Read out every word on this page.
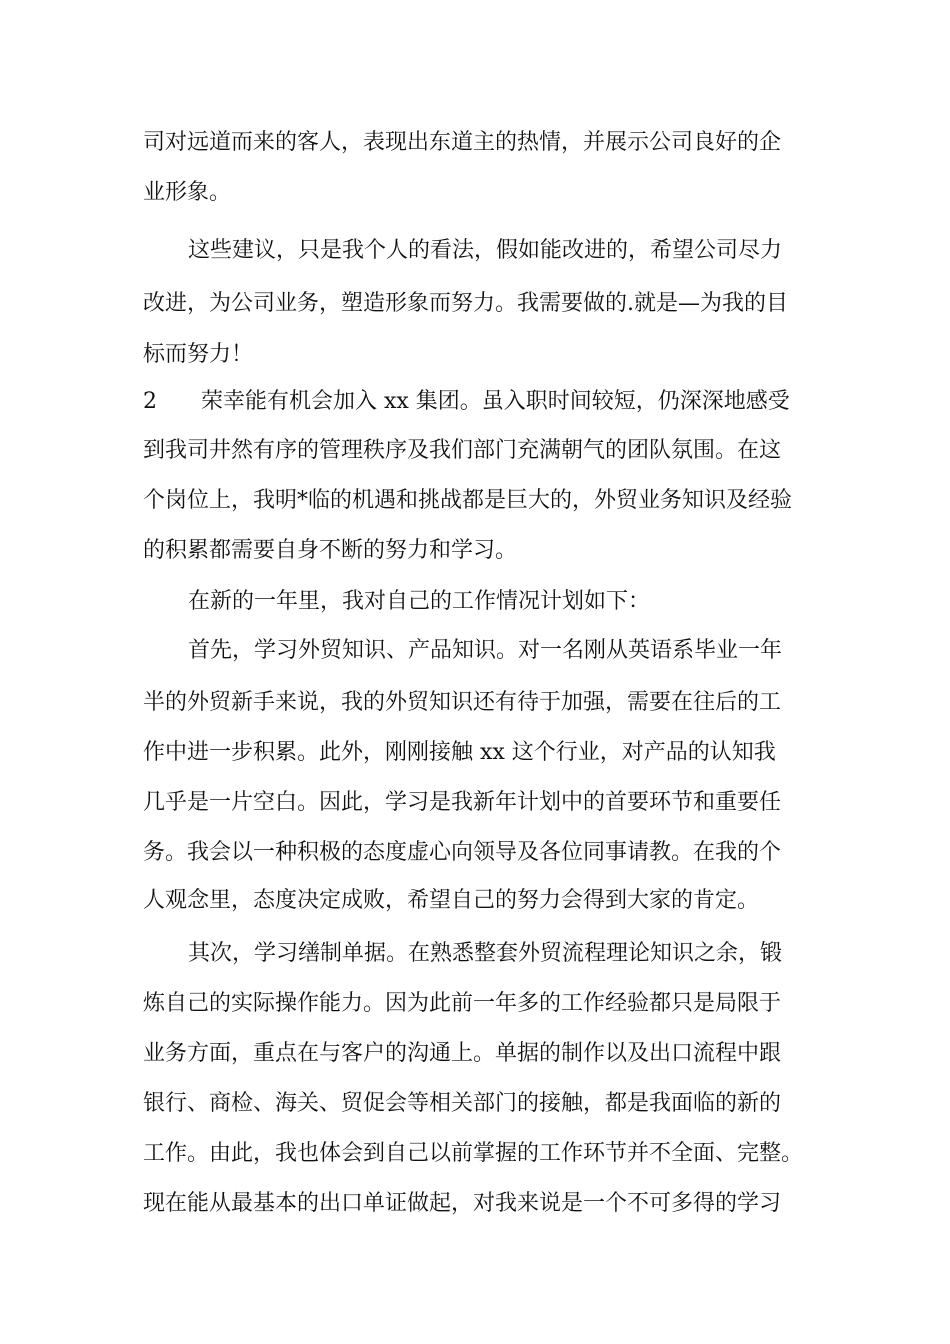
司对远道而来的客人，表现出东道主的热情，并展示公司良好的企
业形象。
这些建议，只是我个人的看法，假如能改进的，希望公司尽力
改进，为公司业务，塑造形象而努力。我需要做的.就是—为我的目
标而努力！
2　　荣幸能有机会加入 xx 集团。虽入职时间较短，仍深深地感受
到我司井然有序的管理秩序及我们部门充满朝气的团队氛围。在这
个岗位上，我明*临的机遇和挑战都是巨大的，外贸业务知识及经验
的积累都需要自身不断的努力和学习。
在新的一年里，我对自己的工作情况计划如下：
首先，学习外贸知识、产品知识。对一名刚从英语系毕业一年
半的外贸新手来说，我的外贸知识还有待于加强，需要在往后的工
作中进一步积累。此外，刚刚接触 xx 这个行业，对产品的认知我
几乎是一片空白。因此，学习是我新年计划中的首要环节和重要任
务。我会以一种积极的态度虚心向领导及各位同事请教。在我的个
人观念里，态度决定成败，希望自己的努力会得到大家的肯定。
其次，学习缮制单据。在熟悉整套外贸流程理论知识之余，锻
炼自己的实际操作能力。因为此前一年多的工作经验都只是局限于
业务方面，重点在与客户的沟通上。单据的制作以及出口流程中跟
银行、商检、海关、贸促会等相关部门的接触，都是我面临的新的
工作。由此，我也体会到自己以前掌握的工作环节并不全面、完整。
现在能从最基本的出口单证做起，对我来说是一个不可多得的学习
